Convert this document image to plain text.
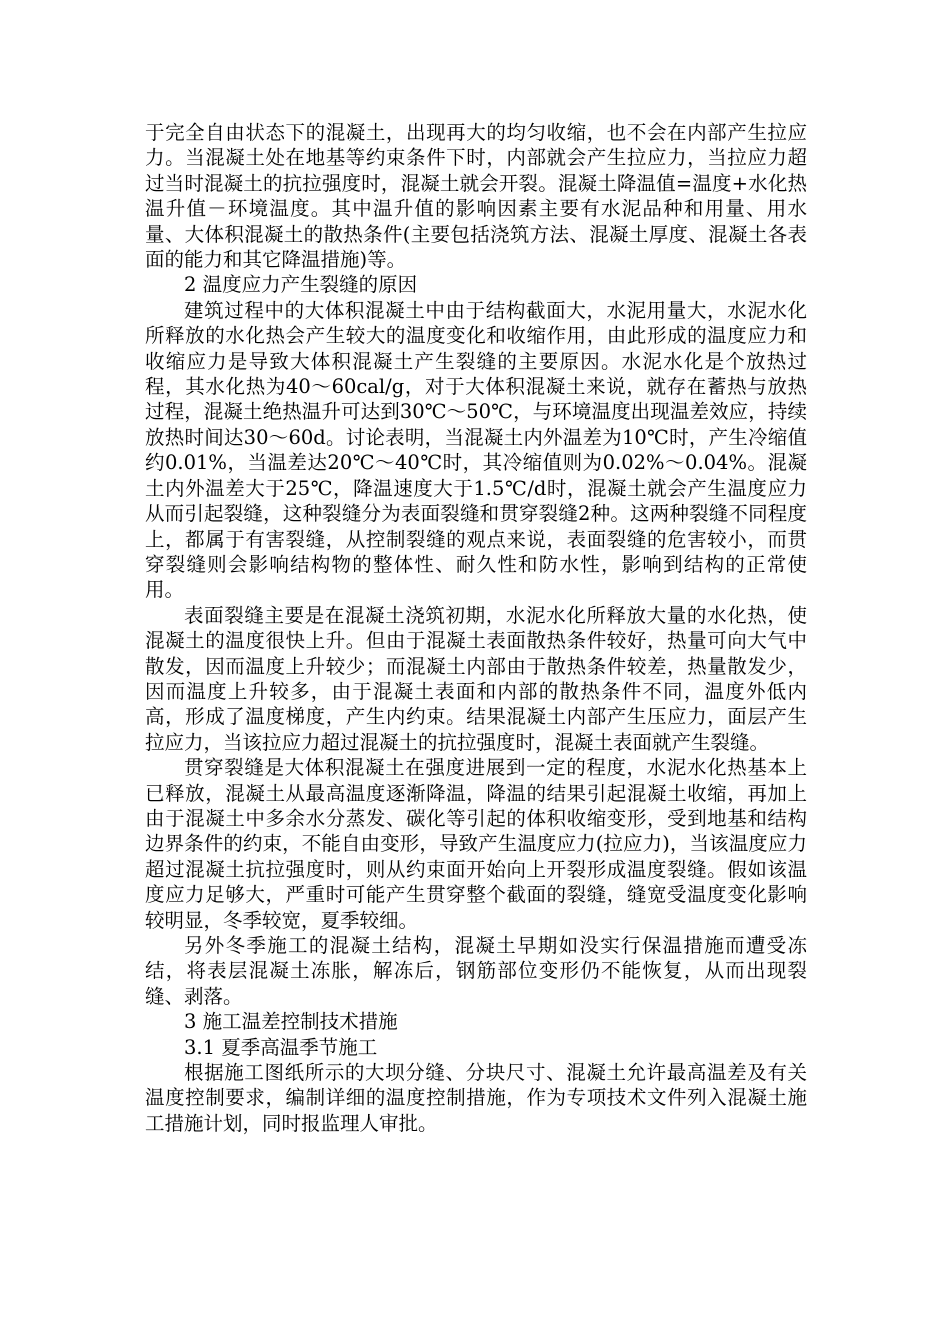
于完全自由状态下的混凝土，出现再大的均匀收缩，也不会在内部产生拉应力。当混凝土处在地基等约束条件下时，内部就会产生拉应力，当拉应力超过当时混凝土的抗拉强度时，混凝土就会开裂。混凝土降温值=温度+水化热温升值－环境温度。其中温升值的影响因素主要有水泥品种和用量、用水量、大体积混凝土的散热条件(主要包括浇筑方法、混凝土厚度、混凝土各表面的能力和其它降温措施)等。

2 温度应力产生裂缝的原因

建筑过程中的大体积混凝土中由于结构截面大，水泥用量大，水泥水化所释放的水化热会产生较大的温度变化和收缩作用，由此形成的温度应力和收缩应力是导致大体积混凝土产生裂缝的主要原因。水泥水化是个放热过程，其水化热为40～60cal/g，对于大体积混凝土来说，就存在蓄热与放热过程，混凝土绝热温升可达到30℃～50℃，与环境温度出现温差效应，持续放热时间达30～60d。讨论表明，当混凝土内外温差为10℃时，产生冷缩值约0.01%，当温差达20℃～40℃时，其冷缩值则为0.02%～0.04%。混凝土内外温差大于25℃，降温速度大于1.5℃/d时，混凝土就会产生温度应力从而引起裂缝，这种裂缝分为表面裂缝和贯穿裂缝2种。这两种裂缝不同程度上，都属于有害裂缝，从控制裂缝的观点来说，表面裂缝的危害较小，而贯穿裂缝则会影响结构物的整体性、耐久性和防水性，影响到结构的正常使用。

表面裂缝主要是在混凝土浇筑初期，水泥水化所释放大量的水化热，使混凝土的温度很快上升。但由于混凝土表面散热条件较好，热量可向大气中散发，因而温度上升较少；而混凝土内部由于散热条件较差，热量散发少，因而温度上升较多，由于混凝土表面和内部的散热条件不同，温度外低内高，形成了温度梯度，产生内约束。结果混凝土内部产生压应力，面层产生拉应力，当该拉应力超过混凝土的抗拉强度时，混凝土表面就产生裂缝。

贯穿裂缝是大体积混凝土在强度进展到一定的程度，水泥水化热基本上已释放，混凝土从最高温度逐渐降温，降温的结果引起混凝土收缩，再加上由于混凝土中多余水分蒸发、碳化等引起的体积收缩变形，受到地基和结构边界条件的约束，不能自由变形，导致产生温度应力(拉应力)，当该温度应力超过混凝土抗拉强度时，则从约束面开始向上开裂形成温度裂缝。假如该温度应力足够大，严重时可能产生贯穿整个截面的裂缝，缝宽受温度变化影响较明显，冬季较宽，夏季较细。

另外冬季施工的混凝土结构，混凝土早期如没实行保温措施而遭受冻结，将表层混凝土冻胀，解冻后，钢筋部位变形仍不能恢复，从而出现裂缝、剥落。

3 施工温差控制技术措施

3.1 夏季高温季节施工

根据施工图纸所示的大坝分缝、分块尺寸、混凝土允许最高温差及有关温度控制要求，编制详细的温度控制措施，作为专项技术文件列入混凝土施工措施计划，同时报监理人审批。
